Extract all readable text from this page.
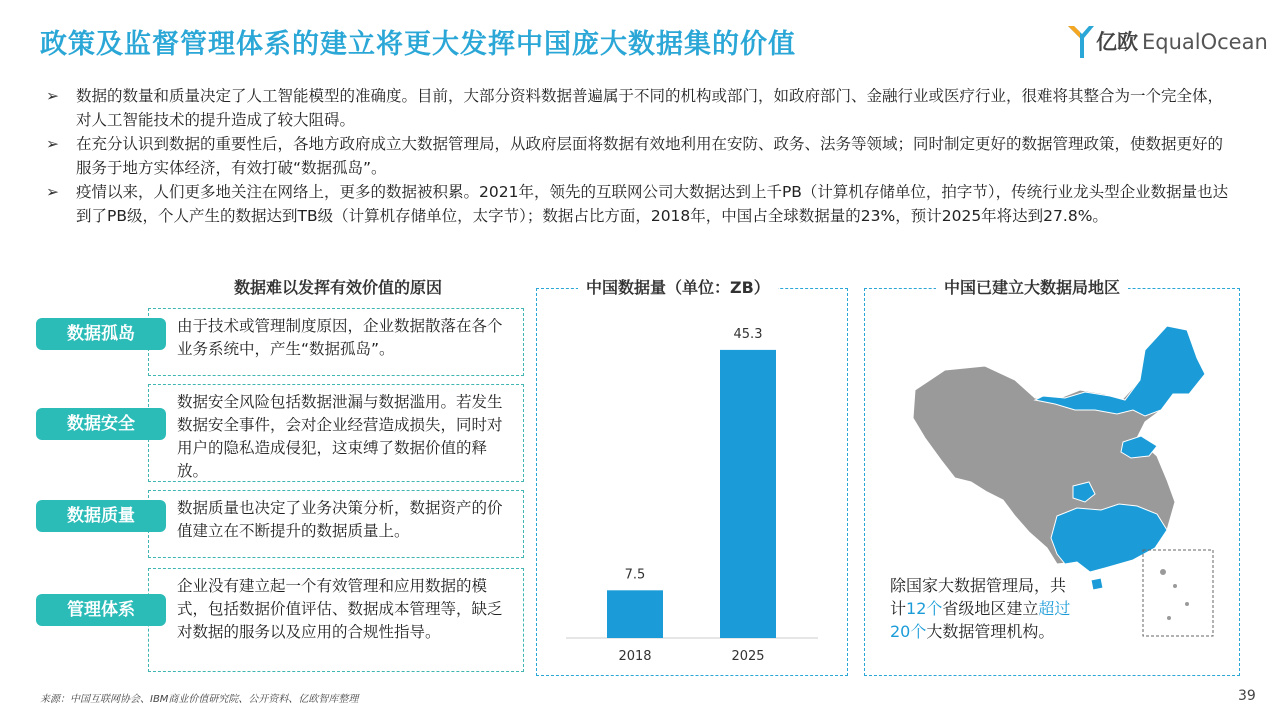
政策及监督管理体系的建立将更大发挥中国庞大数据集的价值	亿欧 EqualOcean
➢ 数据的数量和质量决定了人工智能模型的准确度。目前，大部分资料数据普遍属于不同的机构或部门，如政府部门、金融行业或医疗行业，很难将其整合为一个完全体，对人工智能技术的提升造成了较大阻碍。
➢ 在充分认识到数据的重要性后，各地方政府成立大数据管理局，从政府层面将数据有效地利用在安防、政务、法务等领域；同时制定更好的数据管理政策，使数据更好的服务于地方实体经济，有效打破“数据孤岛”。
➢ 疫情以来，人们更多地关注在网络上，更多的数据被积累。2021年，领先的互联网公司大数据达到上千PB（计算机存储单位，拍字节），传统行业龙头型企业数据量也达到了PB级，个人产生的数据达到TB级（计算机存储单位，太字节）；数据占比方面，2018年，中国占全球数据量的23%，预计2025年将达到27.8%。
数据难以发挥有效价值的原因
由于技术或管理制度原因，企业数据散落在各个业务系统中，产生“数据孤岛”。
数据孤岛
数据安全风险包括数据泄漏与数据滥用。若发生数据安全事件，会对企业经营造成损失，同时对用户的隐私造成侵犯，这束缚了数据价值的释放。
数据安全
数据质量也决定了业务决策分析，数据资产的价值建立在不断提升的数据质量上。
数据质量
企业没有建立起一个有效管理和应用数据的模式，包括数据价值评估、数据成本管理等，缺乏对数据的服务以及应用的合规性指导。
管理体系
中国数据量（单位：ZB）
7.5
2018
45.3
2025
中国已建立大数据局地区
除国家大数据管理局，共计12个省级地区建立超过20个大数据管理机构。
来源：中国互联网协会、IBM商业价值研究院、公开资料、亿欧智库整理	39
